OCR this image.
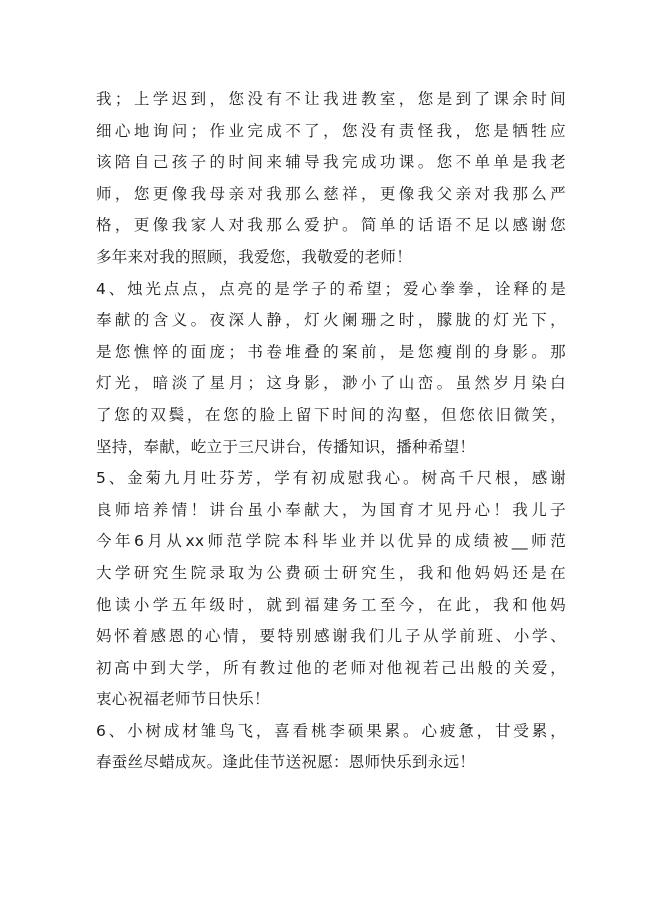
我；上学迟到，您没有不让我进教室，您是到了课余时间
细心地询问；作业完成不了，您没有责怪我，您是牺牲应
该陪自己孩子的时间来辅导我完成功课。您不单单是我老
师，您更像我母亲对我那么慈祥，更像我父亲对我那么严
格，更像我家人对我那么爱护。简单的话语不足以感谢您
多年来对我的照顾，我爱您，我敬爱的老师！
4、烛光点点，点亮的是学子的希望；爱心拳拳，诠释的是
奉献的含义。夜深人静，灯火阑珊之时，朦胧的灯光下，
是您憔悴的面庞；书卷堆叠的案前，是您瘦削的身影。那
灯光，暗淡了星月；这身影，渺小了山峦。虽然岁月染白
了您的双鬓，在您的脸上留下时间的沟壑，但您依旧微笑，
坚持，奉献，屹立于三尺讲台，传播知识，播种希望！
5、金菊九月吐芬芳，学有初成慰我心。树高千尺根，感谢
良师培养情！讲台虽小奉献大，为国育才见丹心！我儿子
今年6月从xx师范学院本科毕业并以优异的成绩被__师范
大学研究生院录取为公费硕士研究生，我和他妈妈还是在
他读小学五年级时，就到福建务工至今，在此，我和他妈
妈怀着感恩的心情，要特别感谢我们儿子从学前班、小学、
初高中到大学，所有教过他的老师对他视若己出般的关爱，
衷心祝福老师节日快乐！
6、小树成材雏鸟飞，喜看桃李硕果累。心疲惫，甘受累，
春蚕丝尽蜡成灰。逢此佳节送祝愿：恩师快乐到永远！
